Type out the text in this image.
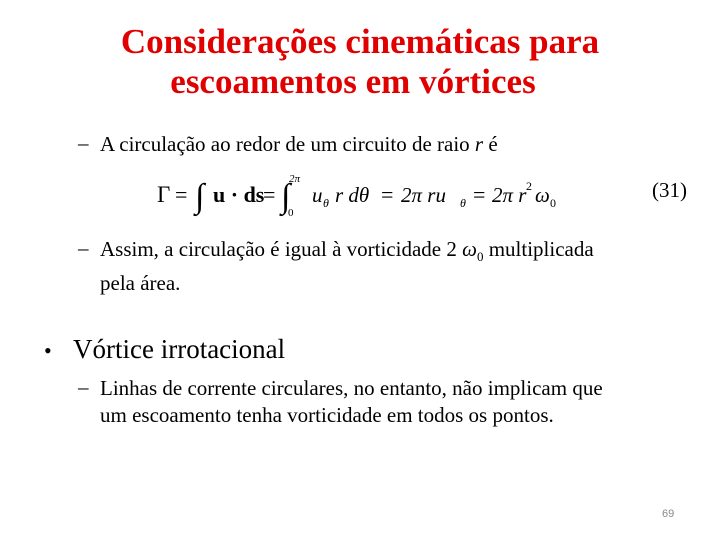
Considerações cinemáticas para
escoamentos em vórtices
– A circulação ao redor de um circuito de raio r é
Γ = ∫ u · ds
= ∫
2π
0
u θ r dθ = 2π ru θ = 2π r 2 ω 0
(31)
– Assim, a circulação é igual à vorticidade 2 $\omega_0$ multiplicada
pela área.
• Vórtice irrotacional
– Linhas de corrente circulares, no entanto, não implicam que
um escoamento tenha vorticidade em todos os pontos.
69
